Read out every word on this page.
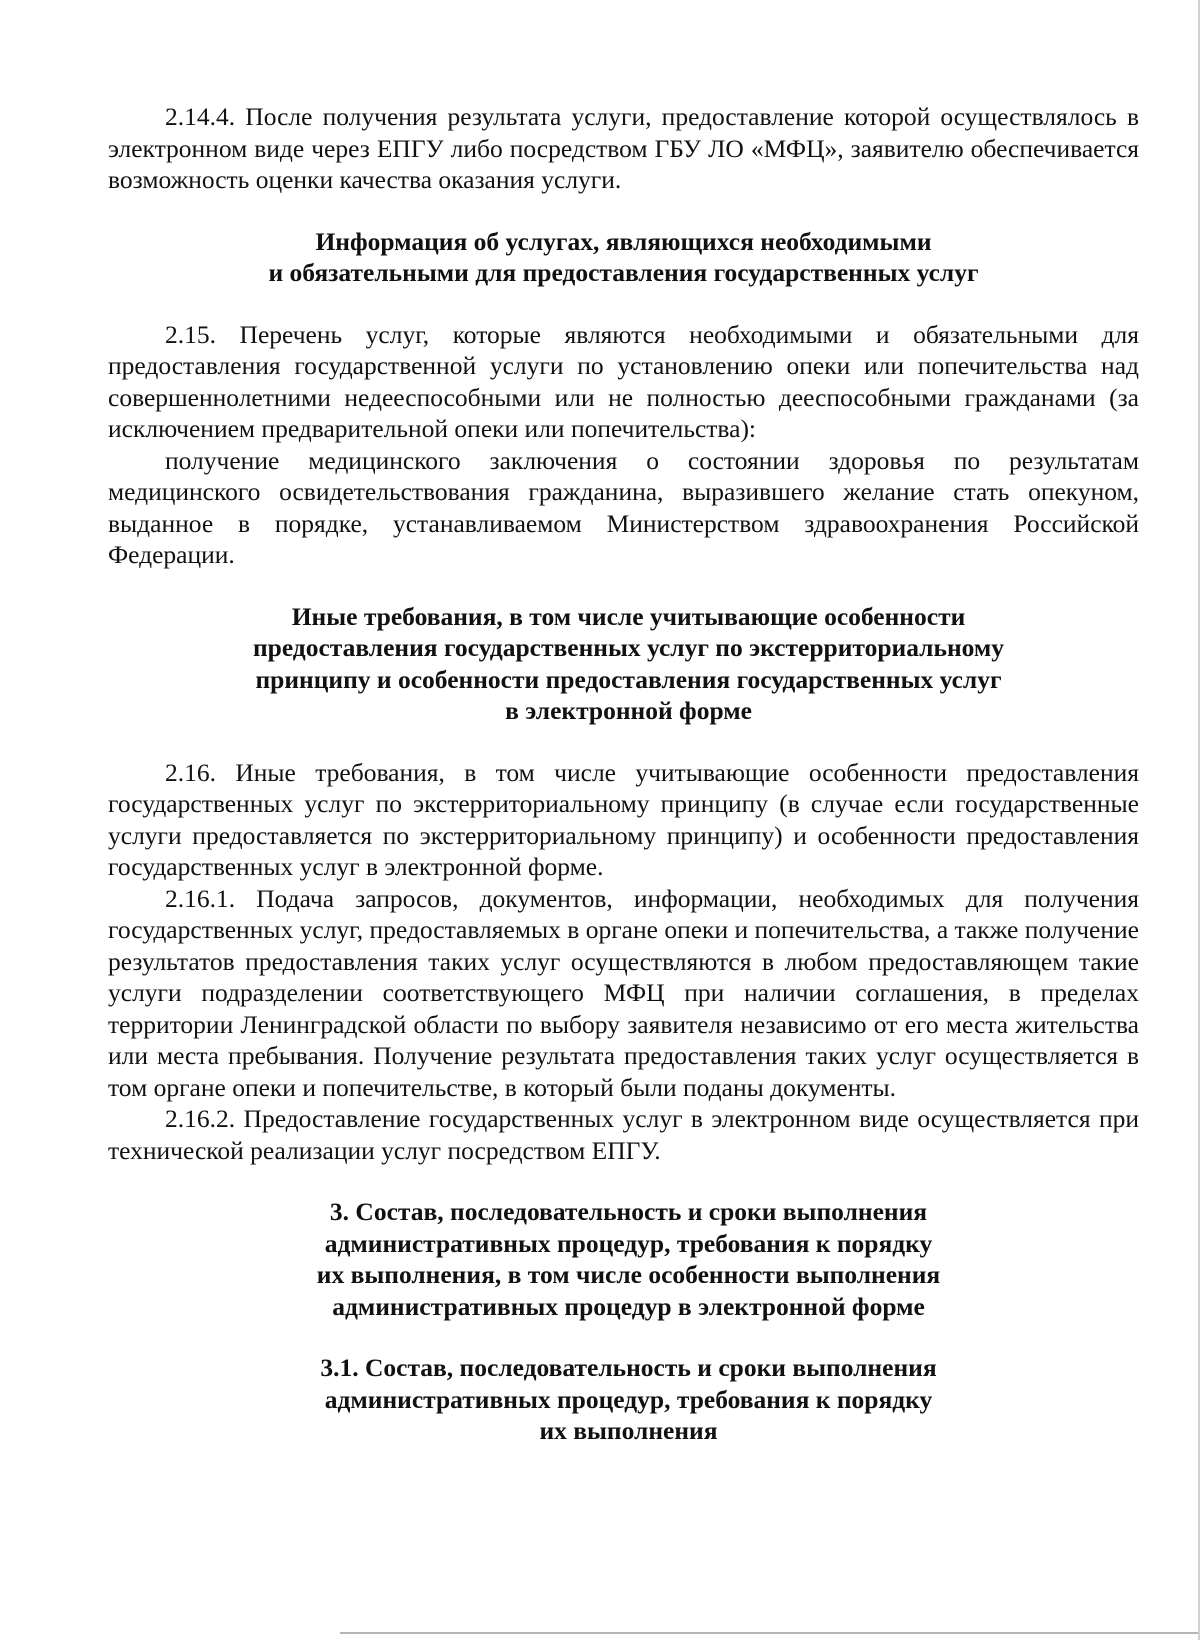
2.14.4. После получения результата услуги, предоставление которой осуществлялось в электронном виде через ЕПГУ либо посредством ГБУ ЛО «МФЦ», заявителю обеспечивается возможность оценки качества оказания услуги.

Информация об услугах, являющихся необходимыми
и обязательными для предоставления государственных услуг

2.15. Перечень услуг, которые являются необходимыми и обязательными для предоставления государственной услуги по установлению опеки или попечительства над совершеннолетними недееспособными или не полностью дееспособными гражданами (за исключением предварительной опеки или попечительства):

получение медицинского заключения о состоянии здоровья по результатам медицинского освидетельствования гражданина, выразившего желание стать опекуном, выданное в порядке, устанавливаемом Министерством здравоохранения Российской Федерации.

Иные требования, в том числе учитывающие особенности
предоставления государственных услуг по экстерриториальному
принципу и особенности предоставления государственных услуг
в электронной форме

2.16. Иные требования, в том числе учитывающие особенности предоставления государственных услуг по экстерриториальному принципу (в случае если государственные услуги предоставляется по экстерриториальному принципу) и особенности предоставления государственных услуг в электронной форме.

2.16.1. Подача запросов, документов, информации, необходимых для получения государственных услуг, предоставляемых в органе опеки и попечительства, а также получение результатов предоставления таких услуг осуществляются в любом предоставляющем такие услуги подразделении соответствующего МФЦ при наличии соглашения, в пределах территории Ленинградской области по выбору заявителя независимо от его места жительства или места пребывания. Получение результата предоставления таких услуг осуществляется в том органе опеки и попечительстве, в который были поданы документы.

2.16.2. Предоставление государственных услуг в электронном виде осуществляется при технической реализации услуг посредством ЕПГУ.

3. Состав, последовательность и сроки выполнения
административных процедур, требования к порядку
их выполнения, в том числе особенности выполнения
административных процедур в электронной форме
3.1. Состав, последовательность и сроки выполнения
административных процедур, требования к порядку
их выполнения
